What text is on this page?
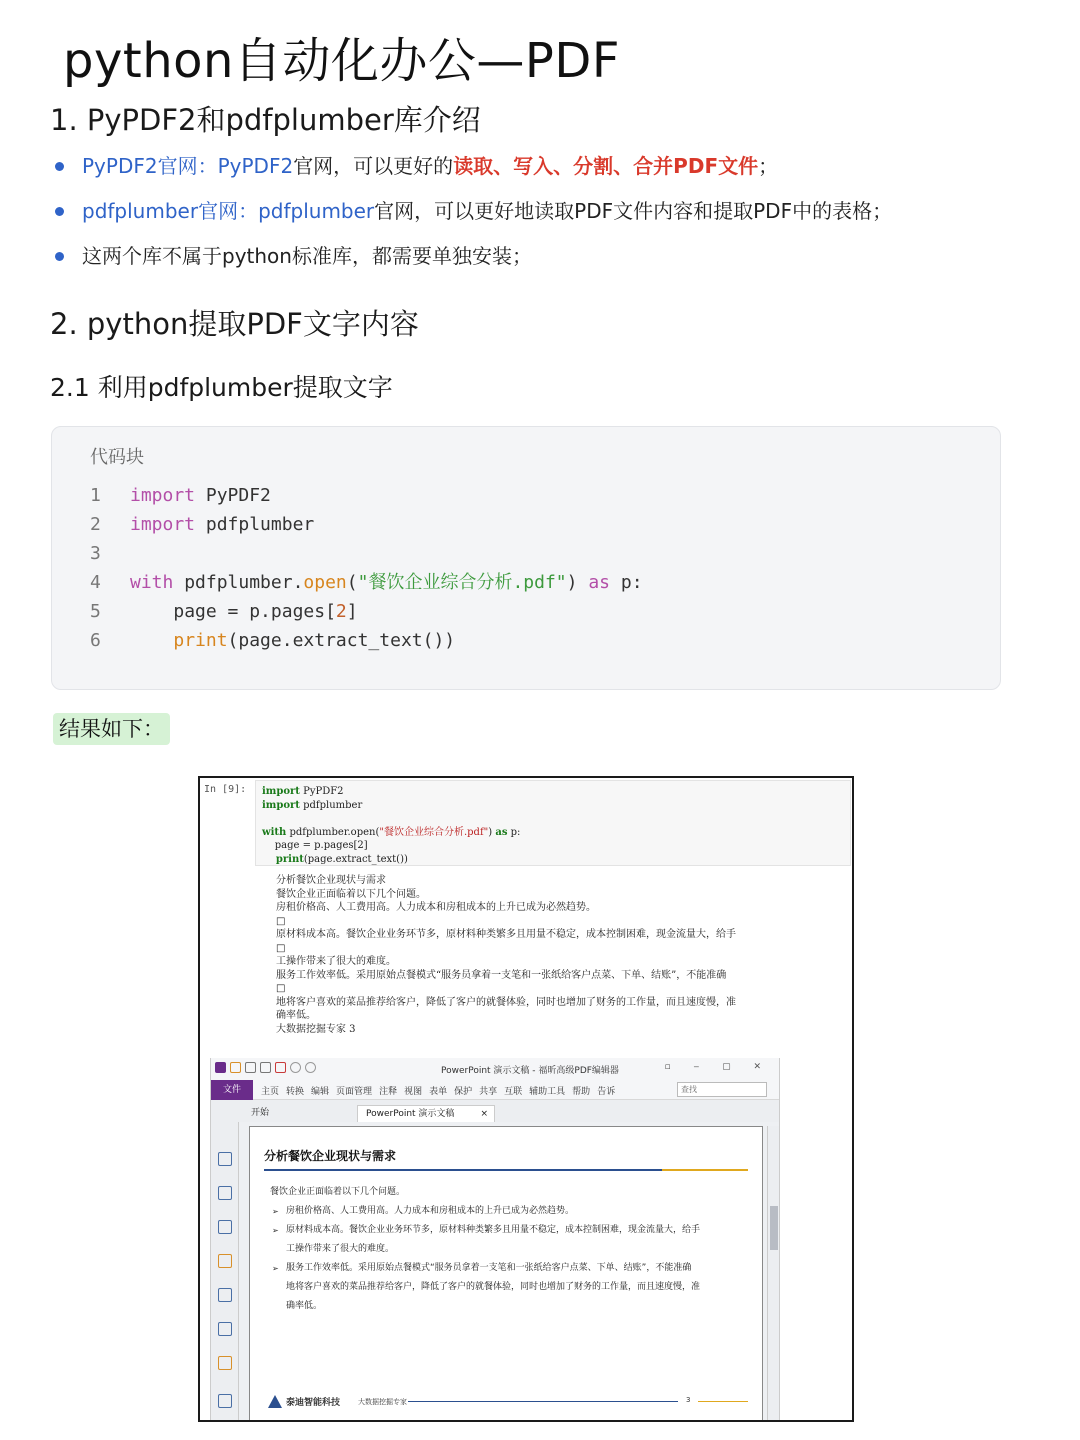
python自动化办公—PDF
1. PyPDF2和pdfplumber库介绍
PyPDF2官网：PyPDF2官网，可以更好的读取、写入、分割、合并PDF文件；
pdfplumber官网：pdfplumber官网，可以更好地读取PDF文件内容和提取PDF中的表格；
这两个库不属于python标准库，都需要单独安装；
2. python提取PDF文字内容
2.1 利用pdfplumber提取文字
代码块
1 import PyPDF2
2 import pdfplumber
3
4 with pdfplumber.open("餐饮企业综合分析.pdf") as p:
5	page = p.pages[2]
6	print(page.extract_text())
结果如下：
In [9]: import PyPDF2
import pdfplumber
with pdfplumber.open("餐饮企业综合分析.pdf") as p:
page = p.pages[2]
print(page.extract_text())
分析餐饮企业现状与需求
餐饮企业正面临着以下几个问题。
房租价格高、人工费用高。人力成本和房租成本的上升已成为必然趋势。
□
原材料成本高。餐饮企业业务环节多，原材料种类繁多且用量不稳定，成本控制困难，现金流量大，给手
□
工操作带来了很大的难度。
服务工作效率低。采用原始点餐模式“服务员拿着一支笔和一张纸给客户点菜、下单、结账”，不能准确
□
地将客户喜欢的菜品推荐给客户，降低了客户的就餐体验，同时也增加了财务的工作量，而且速度慢，准
确率低。
大数据挖掘专家 3
PowerPoint 演示文稿 - 福昕高级PDF编辑器	▫ ‒ ▢ ✕
文件	主页 转换 编辑 页面管理 注释 视图 表单 保护 共享 互联 辅助工具 帮助 告诉	查找
开始	PowerPoint 演示文稿	×
分析餐饮企业现状与需求
餐饮企业正面临着以下几个问题。
➢ 房租价格高、人工费用高。人力成本和房租成本的上升已成为必然趋势。
➢ 原材料成本高。餐饮企业业务环节多，原材料种类繁多且用量不稳定，成本控制困难，现金流量大，给手
工操作带来了很大的难度。
➢ 服务工作效率低。采用原始点餐模式“服务员拿着一支笔和一张纸给客户点菜、下单、结账”，不能准确
地将客户喜欢的菜品推荐给客户，降低了客户的就餐体验，同时也增加了财务的工作量，而且速度慢，准
确率低。
泰迪智能科技	大数据挖掘专家	3
